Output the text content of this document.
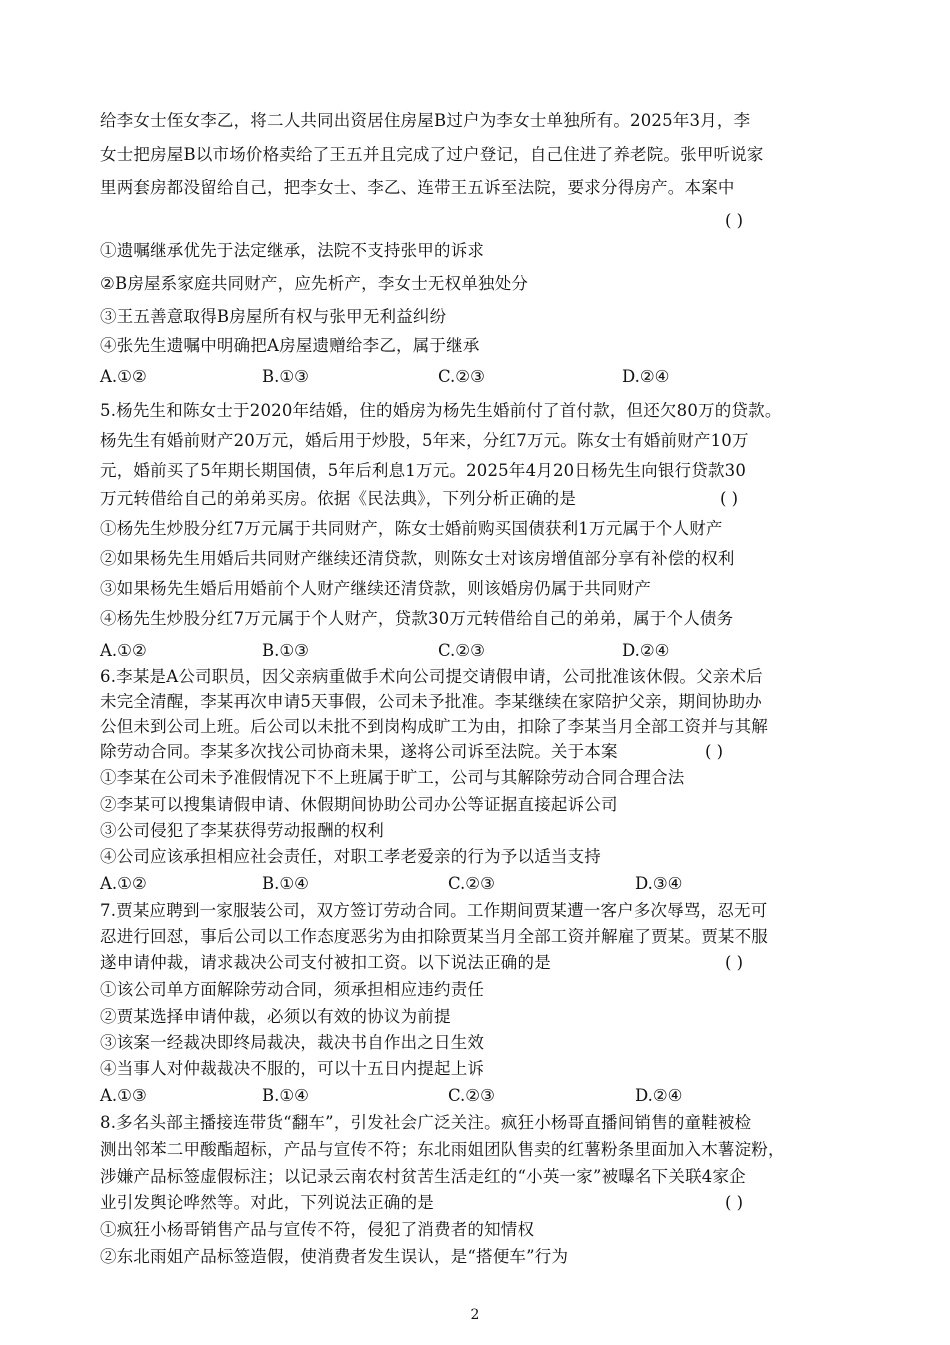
给李女士侄女李乙，将二人共同出资居住房屋B过户为李女士单独所有。2025年3月，李
女士把房屋B以市场价格卖给了王五并且完成了过户登记，自己住进了养老院。张甲听说家
里两套房都没留给自己，把李女士、李乙、连带王五诉至法院，要求分得房产。本案中
( )
①遗嘱继承优先于法定继承，法院不支持张甲的诉求
②B房屋系家庭共同财产，应先析产，李女士无权单独处分
③王五善意取得B房屋所有权与张甲无利益纠纷
④张先生遗嘱中明确把A房屋遗赠给李乙，属于继承
A.①②	B.①③	C.②③	D.②④
5.杨先生和陈女士于2020年结婚，住的婚房为杨先生婚前付了首付款，但还欠80万的贷款。
杨先生有婚前财产20万元，婚后用于炒股，5年来，分红7万元。陈女士有婚前财产10万
元，婚前买了5年期长期国债，5年后利息1万元。2025年4月20日杨先生向银行贷款30
万元转借给自己的弟弟买房。依据《民法典》，下列分析正确的是	( )
①杨先生炒股分红7万元属于共同财产，陈女士婚前购买国债获利1万元属于个人财产
②如果杨先生用婚后共同财产继续还清贷款，则陈女士对该房增值部分享有补偿的权利
③如果杨先生婚后用婚前个人财产继续还清贷款，则该婚房仍属于共同财产
④杨先生炒股分红7万元属于个人财产，贷款30万元转借给自己的弟弟，属于个人债务
A.①②	B.①③	C.②③	D.②④
6.李某是A公司职员，因父亲病重做手术向公司提交请假申请，公司批准该休假。父亲术后
未完全清醒，李某再次申请5天事假，公司未予批准。李某继续在家陪护父亲，期间协助办
公但未到公司上班。后公司以未批不到岗构成旷工为由，扣除了李某当月全部工资并与其解
除劳动合同。李某多次找公司协商未果，遂将公司诉至法院。关于本案	( )
①李某在公司未予准假情况下不上班属于旷工，公司与其解除劳动合同合理合法
②李某可以搜集请假申请、休假期间协助公司办公等证据直接起诉公司
③公司侵犯了李某获得劳动报酬的权利
④公司应该承担相应社会责任，对职工孝老爱亲的行为予以适当支持
A.①②	B.①④	C.②③	D.③④
7.贾某应聘到一家服装公司，双方签订劳动合同。工作期间贾某遭一客户多次辱骂，忍无可
忍进行回怼，事后公司以工作态度恶劣为由扣除贾某当月全部工资并解雇了贾某。贾某不服
遂申请仲裁，请求裁决公司支付被扣工资。以下说法正确的是	( )
①该公司单方面解除劳动合同，须承担相应违约责任
②贾某选择申请仲裁，必须以有效的协议为前提
③该案一经裁决即终局裁决，裁决书自作出之日生效
④当事人对仲裁裁决不服的，可以十五日内提起上诉
A.①③	B.①④	C.②③	D.②④
8.多名头部主播接连带货“翻车”，引发社会广泛关注。疯狂小杨哥直播间销售的童鞋被检
测出邻苯二甲酸酯超标，产品与宣传不符；东北雨姐团队售卖的红薯粉条里面加入木薯淀粉，
涉嫌产品标签虚假标注；以记录云南农村贫苦生活走红的“小英一家”被曝名下关联4家企
业引发舆论哗然等。对此，下列说法正确的是	( )
①疯狂小杨哥销售产品与宣传不符，侵犯了消费者的知情权
②东北雨姐产品标签造假，使消费者发生误认，是“搭便车”行为
2
